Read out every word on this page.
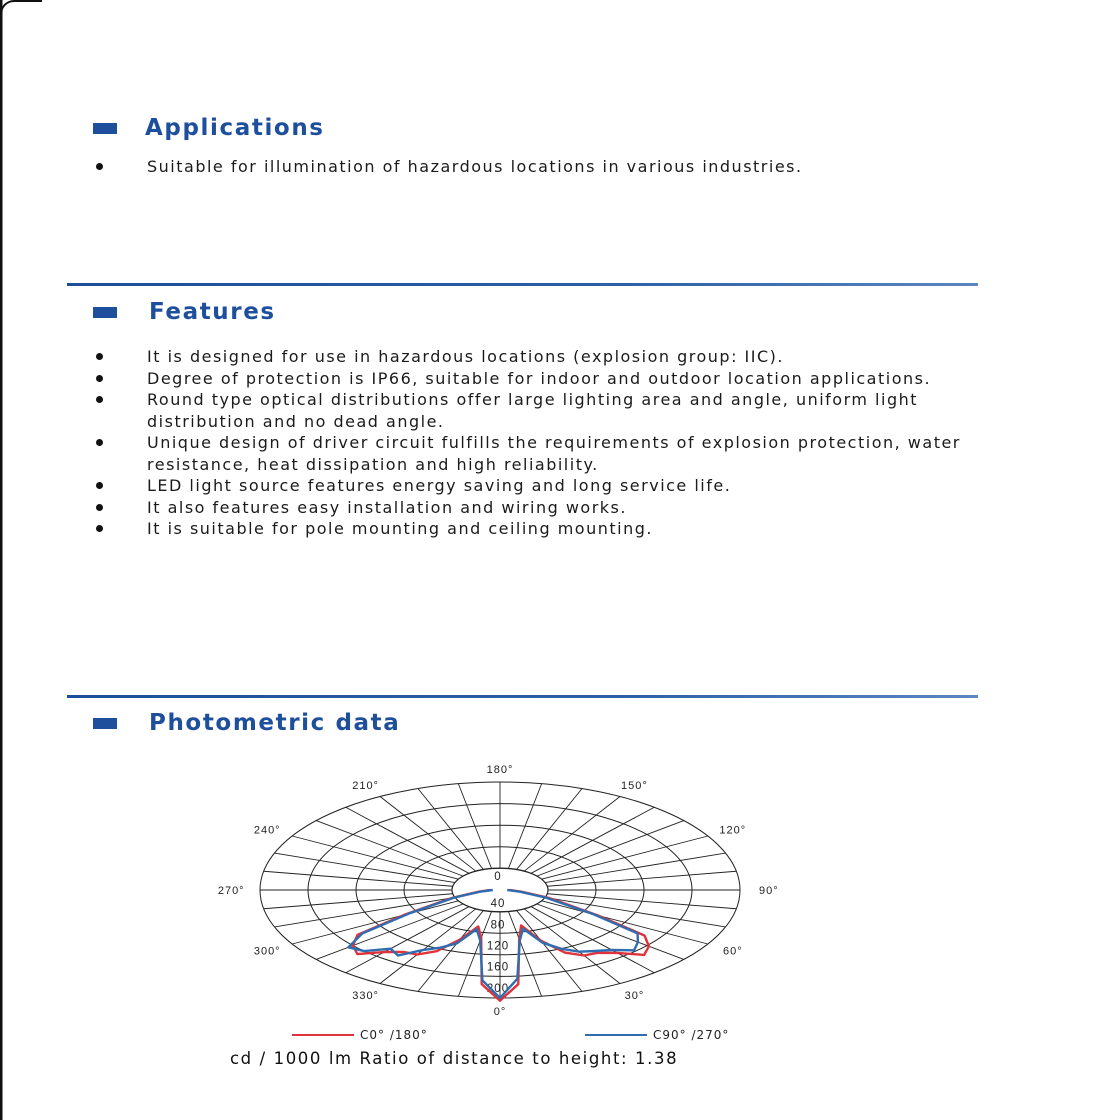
Applications
Suitable for illumination of hazardous locations in various industries.
Features
It is designed for use in hazardous locations (explosion group: IIC).
Degree of protection is IP66, suitable for indoor and outdoor location applications.
Round type optical distributions offer large lighting area and angle, uniform light distribution and no dead angle.
Unique design of driver circuit fulfills the requirements of explosion protection, water resistance, heat dissipation and high reliability.
LED light source features energy saving and long service life.
It also features easy installation and wiring works.
It is suitable for pole mounting and ceiling mounting.
Photometric data
180°
150°
120°
90°
60°
30°
0°
330°
300°
270°
240°
210°
0
40
80
120
160
200
C0° /180°	C90° /270°
cd / 1000 lm Ratio of distance to height: 1.38
